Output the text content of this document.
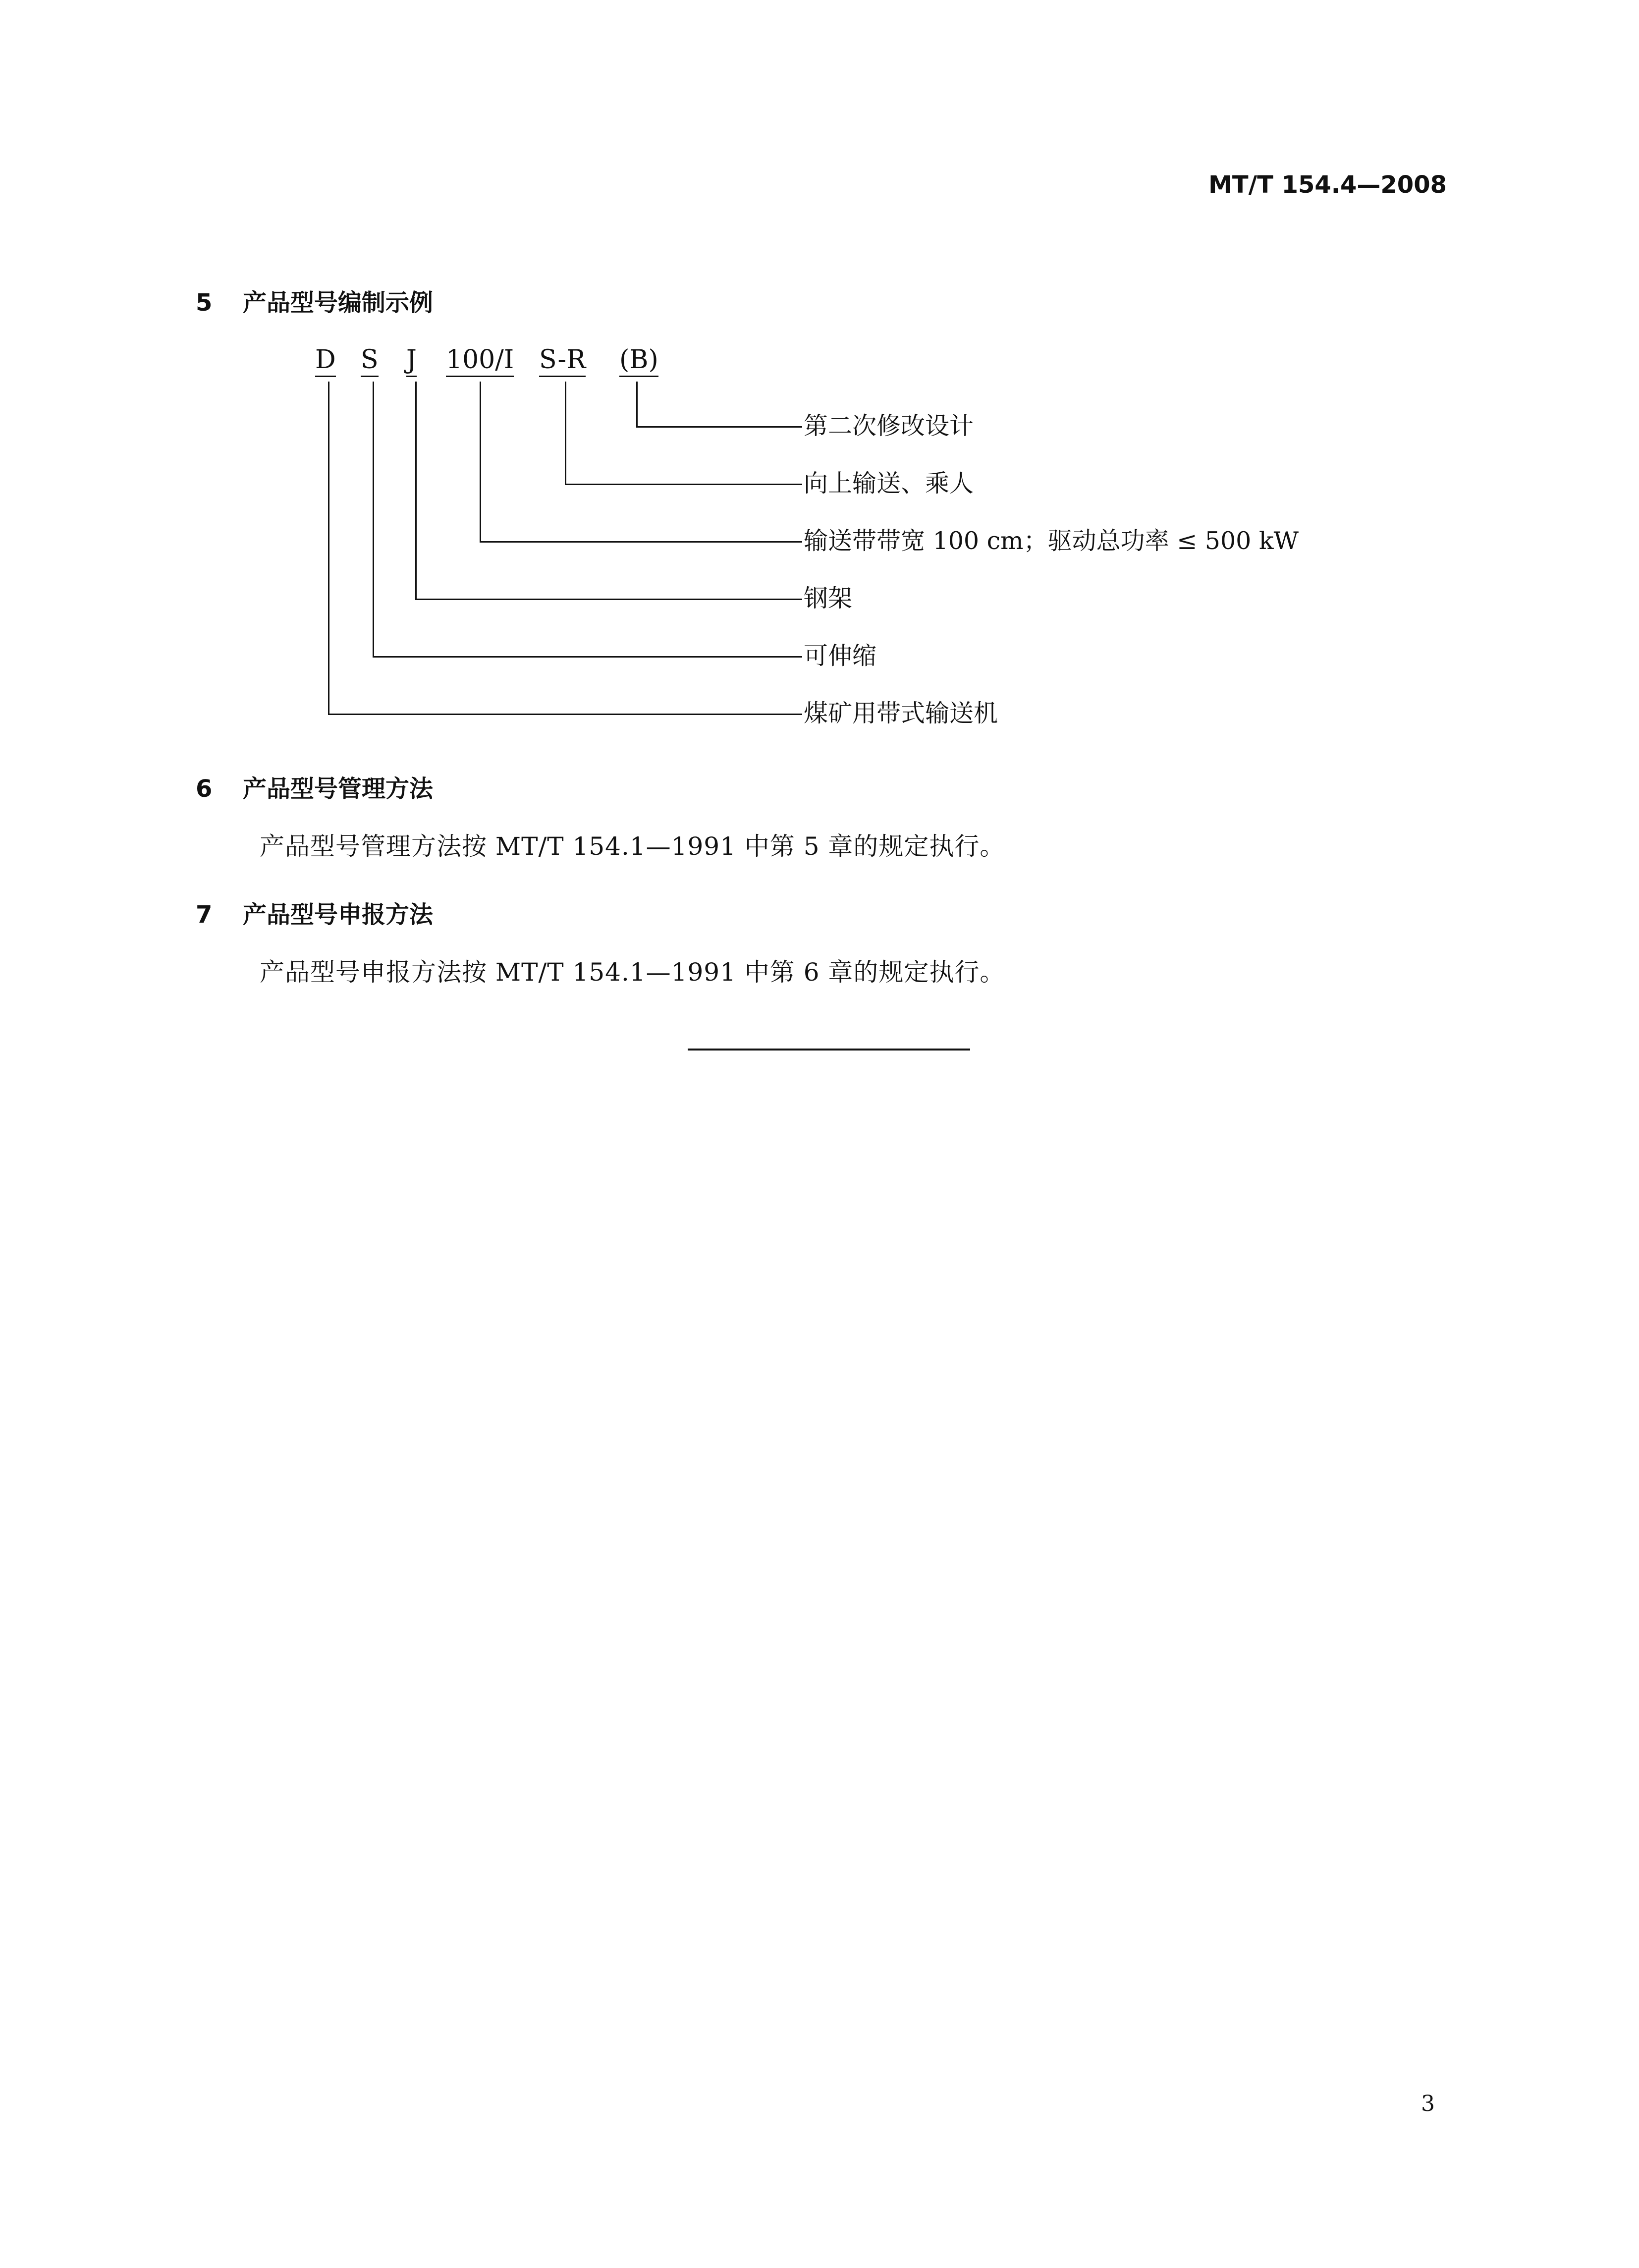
MT/T 154.4—2008
5 产品型号编制示例
D S J 100/I S-R (B)
第二次修改设计
向上输送、乘人
输送带带宽 100 cm；驱动总功率 ≤ 500 kW
钢架
可伸缩
煤矿用带式输送机
6 产品型号管理方法
产品型号管理方法按 MT/T 154.1—1991 中第 5 章的规定执行。
7 产品型号申报方法
产品型号申报方法按 MT/T 154.1—1991 中第 6 章的规定执行。
3
